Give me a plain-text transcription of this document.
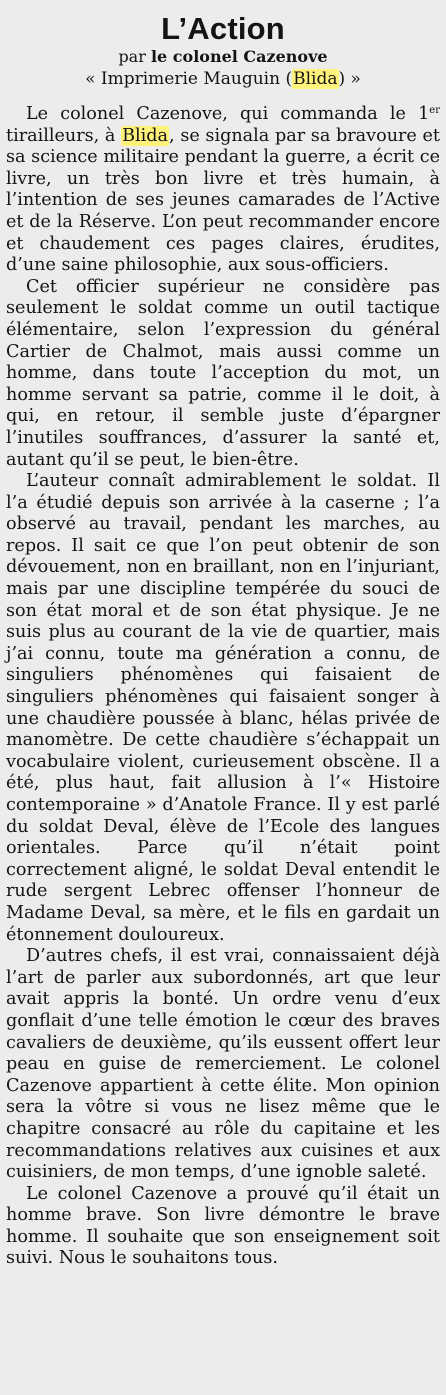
L’Action
par le colonel Cazenove
« Imprimerie Mauguin (Blida) »

Le colonel Cazenove, qui commanda le 1er tirailleurs, à Blida, se signala par sa bravoure et sa science militaire pendant la guerre, a écrit ce livre, un très bon livre et très humain, à l’intention de ses jeunes camarades de l’Active et de la Réserve. L’on peut recommander encore et chaudement ces pages claires, érudites, d’une saine philosophie, aux sous-officiers.

Cet officier supérieur ne considère pas seulement le soldat comme un outil tactique élémentaire, selon l’expression du général Cartier de Chalmot, mais aussi comme un homme, dans toute l’acception du mot, un homme servant sa patrie, comme il le doit, à qui, en retour, il semble juste d’épargner l’inutiles souffrances, d’assurer la santé et, autant qu’il se peut, le bien-être.

L’auteur connaît admirablement le soldat. Il l’a étudié depuis son arrivée à la caserne ; l’a observé au travail, pendant les marches, au repos. Il sait ce que l’on peut obtenir de son dévouement, non en braillant, non en l’injuriant, mais par une discipline tempérée du souci de son état moral et de son état physique. Je ne suis plus au courant de la vie de quartier, mais j’ai connu, toute ma génération a connu, de singuliers phénomènes qui faisaient de singuliers phénomènes qui faisaient songer à une chaudière poussée à blanc, hélas privée de manomètre. De cette chaudière s’échappait un vocabulaire violent, curieusement obscène. Il a été, plus haut, fait allusion à l’« Histoire contemporaine » d’Anatole France. Il y est parlé du soldat Deval, élève de l’Ecole des langues orientales. Parce qu’il n’était point correctement aligné, le soldat Deval entendit le rude sergent Lebrec offenser l’honneur de Madame Deval, sa mère, et le fils en gardait un étonnement douloureux.

D’autres chefs, il est vrai, connaissaient déjà l’art de parler aux subordonnés, art que leur avait appris la bonté. Un ordre venu d’eux gonflait d’une telle émotion le cœur des braves cavaliers de deuxième, qu’ils eussent offert leur peau en guise de remerciement. Le colonel Cazenove appartient à cette élite. Mon opinion sera la vôtre si vous ne lisez même que le chapitre consacré au rôle du capitaine et les recommandations relatives aux cuisines et aux cuisiniers, de mon temps, d’une ignoble saleté.

Le colonel Cazenove a prouvé qu’il était un homme brave. Son livre démontre le brave homme. Il souhaite que son enseignement soit suivi. Nous le souhaitons tous.
